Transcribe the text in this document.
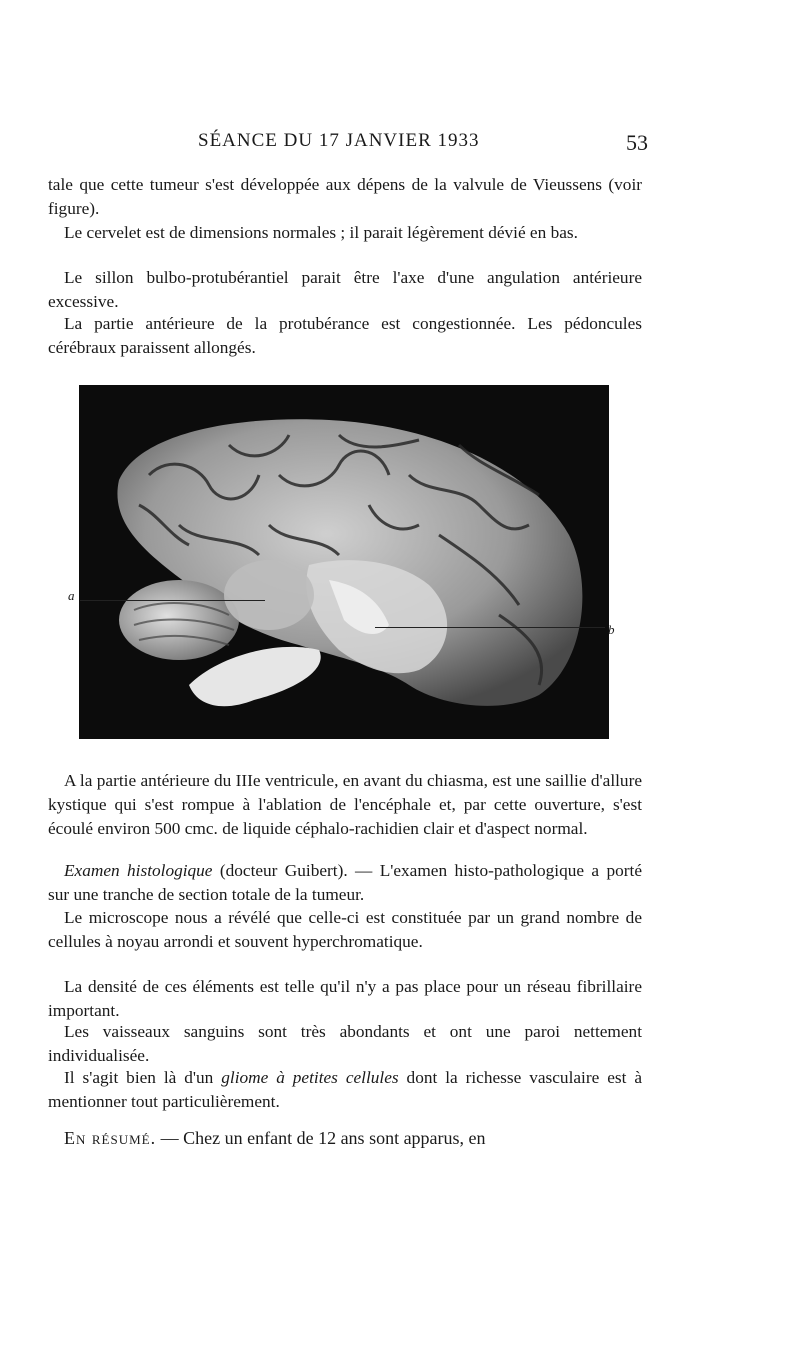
SÉANCE DU 17 JANVIER 1933	53

tale que cette tumeur s'est développée aux dépens de la valvule de Vieussens (voir figure).

Le cervelet est de dimensions normales ; il parait légèrement dévié en bas.

Le sillon bulbo-protubérantiel parait être l'axe d'une angulation antérieure excessive.

La partie antérieure de la protubérance est congestionnée. Les pédoncules cérébraux paraissent allongés.

a
b

A la partie antérieure du IIIe ventricule, en avant du chiasma, est une saillie d'allure kystique qui s'est rompue à l'ablation de l'encéphale et, par cette ouverture, s'est écoulé environ 500 cmc. de liquide céphalo-rachidien clair et d'aspect normal.

Examen histologique (docteur Guibert). — L'examen histo-pathologique a porté sur une tranche de section totale de la tumeur.

Le microscope nous a révélé que celle-ci est constituée par un grand nombre de cellules à noyau arrondi et souvent hyperchromatique.

La densité de ces éléments est telle qu'il n'y a pas place pour un réseau fibrillaire important.

Les vaisseaux sanguins sont très abondants et ont une paroi nettement individualisée.

Il s'agit bien là d'un gliome à petites cellules dont la richesse vasculaire est à mentionner tout particulièrement.

En résumé. — Chez un enfant de 12 ans sont apparus, en
